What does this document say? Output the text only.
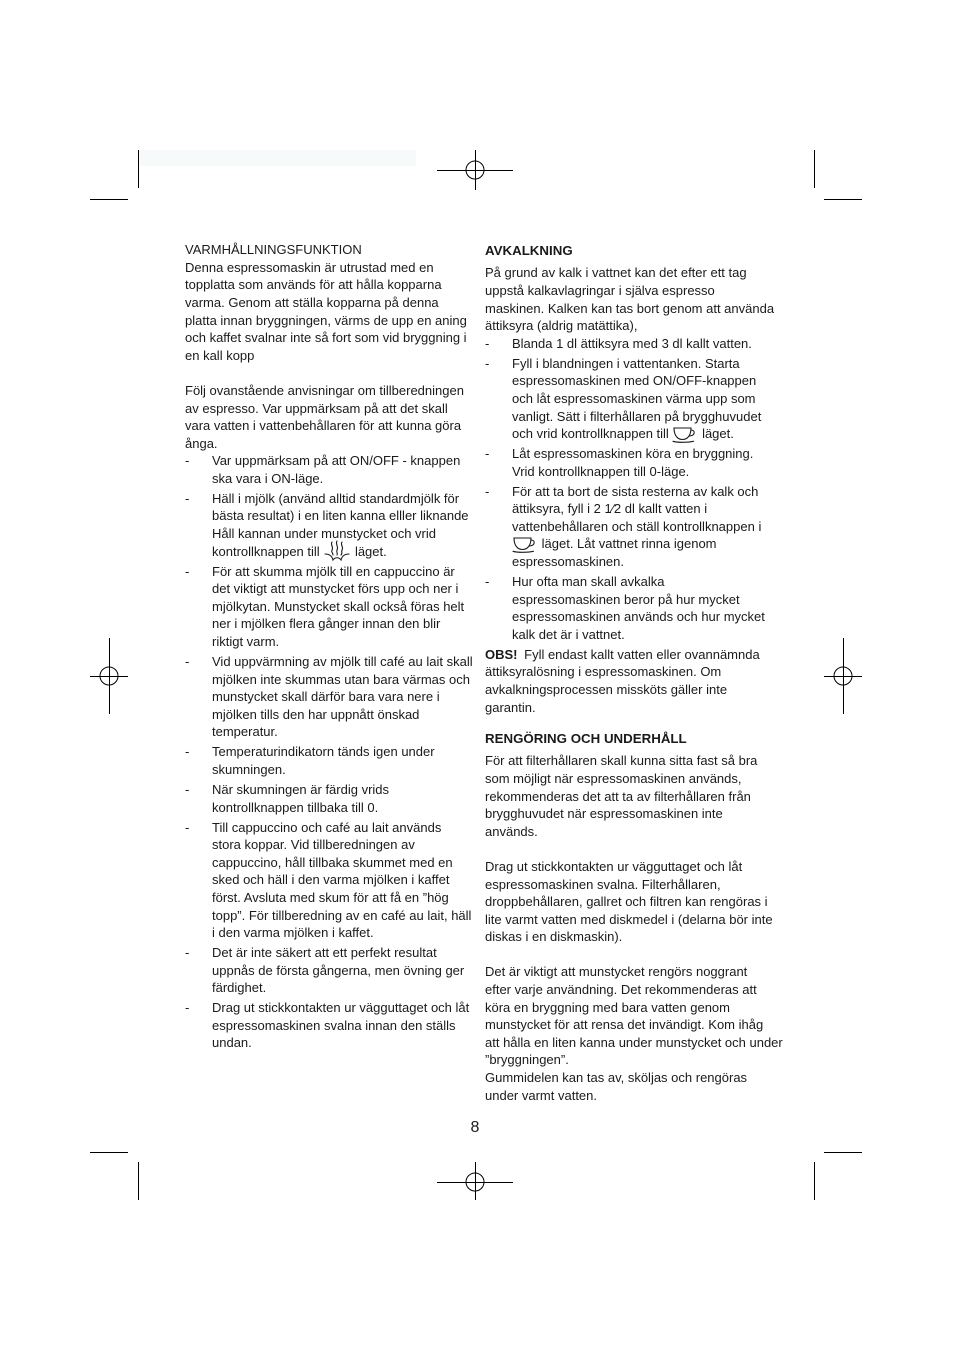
VARMHÅLLNINGSFUNKTION
Denna espressomaskin är utrustad med en
topplatta som används för att hålla kopparna
varma. Genom att ställa kopparna på denna
platta innan bryggningen, värms de upp en aning
och kaffet svalnar inte så fort som vid bryggning i
en kall kopp
Följ ovanstående anvisningar om tillberedningen
av espresso. Var uppmärksam på att det skall
vara vatten i vattenbehållaren för att kunna göra
ånga.
- Var uppmärksam på att ON/OFF - knappen
ska vara i ON-läge.
- Häll i mjölk (använd alltid standardmjölk för
bästa resultat) i en liten kanna elller liknande
Håll kannan under munstycket och vrid
kontrollknappen till	läget.
- För att skumma mjölk till en cappuccino är
det viktigt att munstycket förs upp och ner i
mjölkytan. Munstycket skall också föras helt
ner i mjölken flera gånger innan den blir
riktigt varm.
- Vid uppvärmning av mjölk till café au lait skall
mjölken inte skummas utan bara värmas och
munstycket skall därför bara vara nere i
mjölken tills den har uppnått önskad
temperatur.
- Temperaturindikatorn tänds igen under
skumningen.
- När skumningen är färdig vrids
kontrollknappen tillbaka till 0.
- Till cappuccino och café au lait används
stora koppar. Vid tillberedningen av
cappuccino, håll tillbaka skummet med en
sked och häll i den varma mjölken i kaffet
först. Avsluta med skum för att få en ”hög
topp”. För tillberedning av en café au lait, häll
i den varma mjölken i kaffet.
- Det är inte säkert att ett perfekt resultat
uppnås de första gångerna, men övning ger
färdighet.
- Drag ut stickkontakten ur vägguttaget och låt
espressomaskinen svalna innan den ställs
undan.
AVKALKNING
På grund av kalk i vattnet kan det efter ett tag
uppstå kalkavlagringar i själva espresso
maskinen. Kalken kan tas bort genom att använda
ättiksyra (aldrig matättika),
- Blanda 1 dl ättiksyra med 3 dl kallt vatten.
- Fyll i blandningen i vattentanken. Starta
espressomaskinen med ON/OFF-knappen
och låt espressomaskinen värma upp som
vanligt. Sätt i filterhållaren på brygghuvudet
och vrid kontrollknappen till	läget.
- Låt espressomaskinen köra en bryggning.
Vrid kontrollknappen till 0-läge.
- För att ta bort de sista resterna av kalk och
ättiksyra, fyll i 2 1⁄2 dl kallt vatten i
vattenbehållaren och ställ kontrollknappen i
läget. Låt vattnet rinna igenom
espressomaskinen.
- Hur ofta man skall avkalka
espressomaskinen beror på hur mycket
espressomaskinen används och hur mycket
kalk det är i vattnet.
OBS! Fyll endast kallt vatten eller ovannämnda
ättiksyralösning i espressomaskinen. Om
avkalkningsprocessen missköts gäller inte
garantin.
RENGÖRING OCH UNDERHÅLL
För att filterhållaren skall kunna sitta fast så bra
som möjligt när espressomaskinen används,
rekommenderas det att ta av filterhållaren från
brygghuvudet när espressomaskinen inte
används.
Drag ut stickkontakten ur vägguttaget och låt
espressomaskinen svalna. Filterhållaren,
droppbehållaren, gallret och filtren kan rengöras i
lite varmt vatten med diskmedel i (delarna bör inte
diskas i en diskmaskin).
Det är viktigt att munstycket rengörs noggrant
efter varje användning. Det rekommenderas att
köra en bryggning med bara vatten genom
munstycket för att rensa det invändigt. Kom ihåg
att hålla en liten kanna under munstycket och under
”bryggningen”.
Gummidelen kan tas av, sköljas och rengöras
under varmt vatten.
8
